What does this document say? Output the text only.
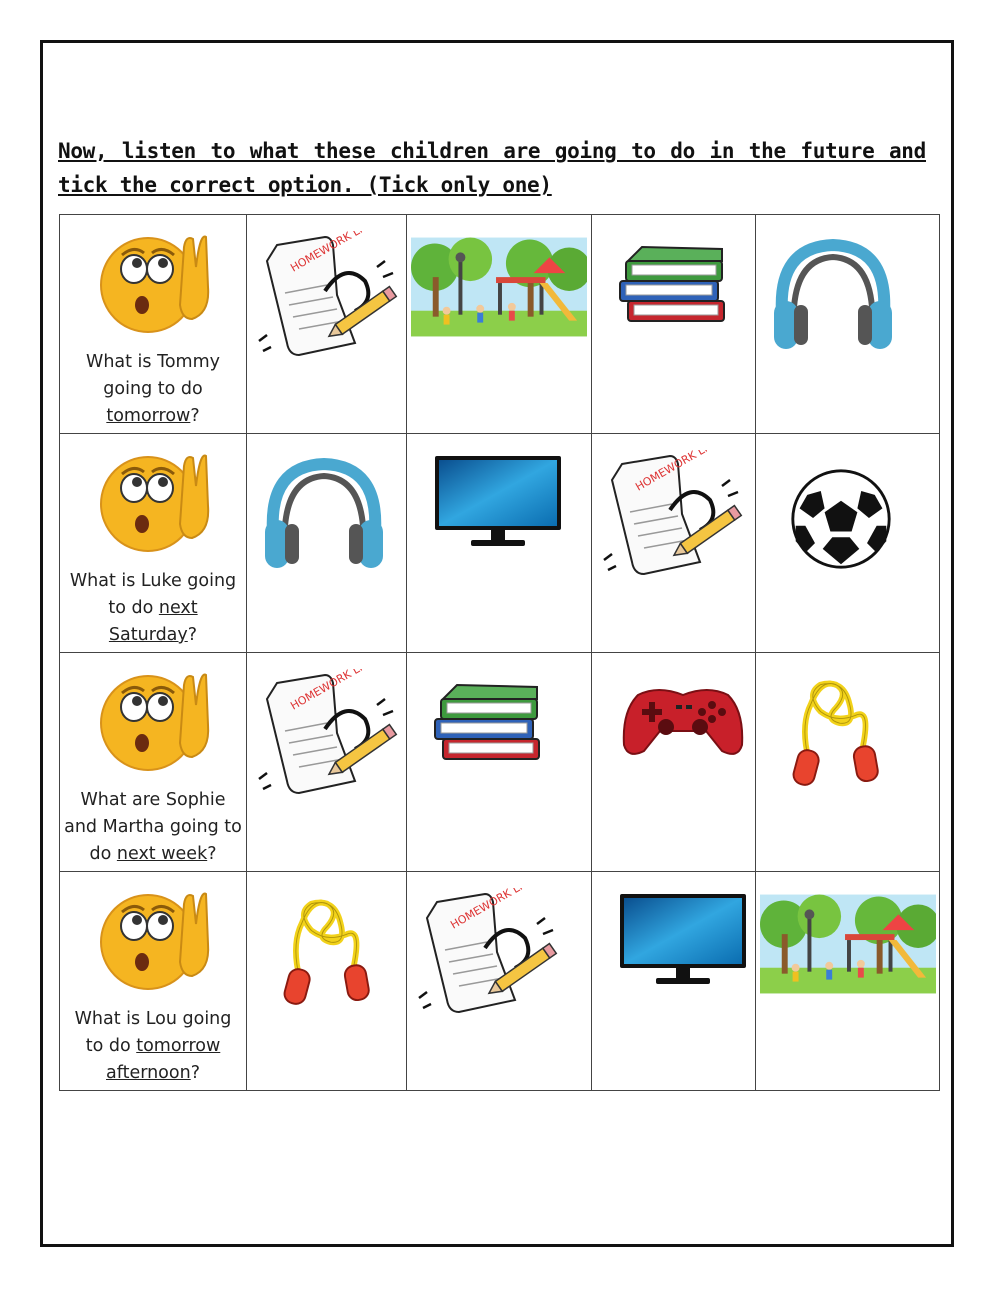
Now, listen to what these children are going to do in the future and tick the correct option. (Tick only one)
What is Tommy going to do tomorrow?	HOMEWORK LIST

What is Luke going to do next Saturday?			HOMEWORK LIST

What are Sophie and Martha going to do next week?	HOMEWORK LIST

What is Lou going to do tomorrow afternoon?		HOMEWORK LIST
